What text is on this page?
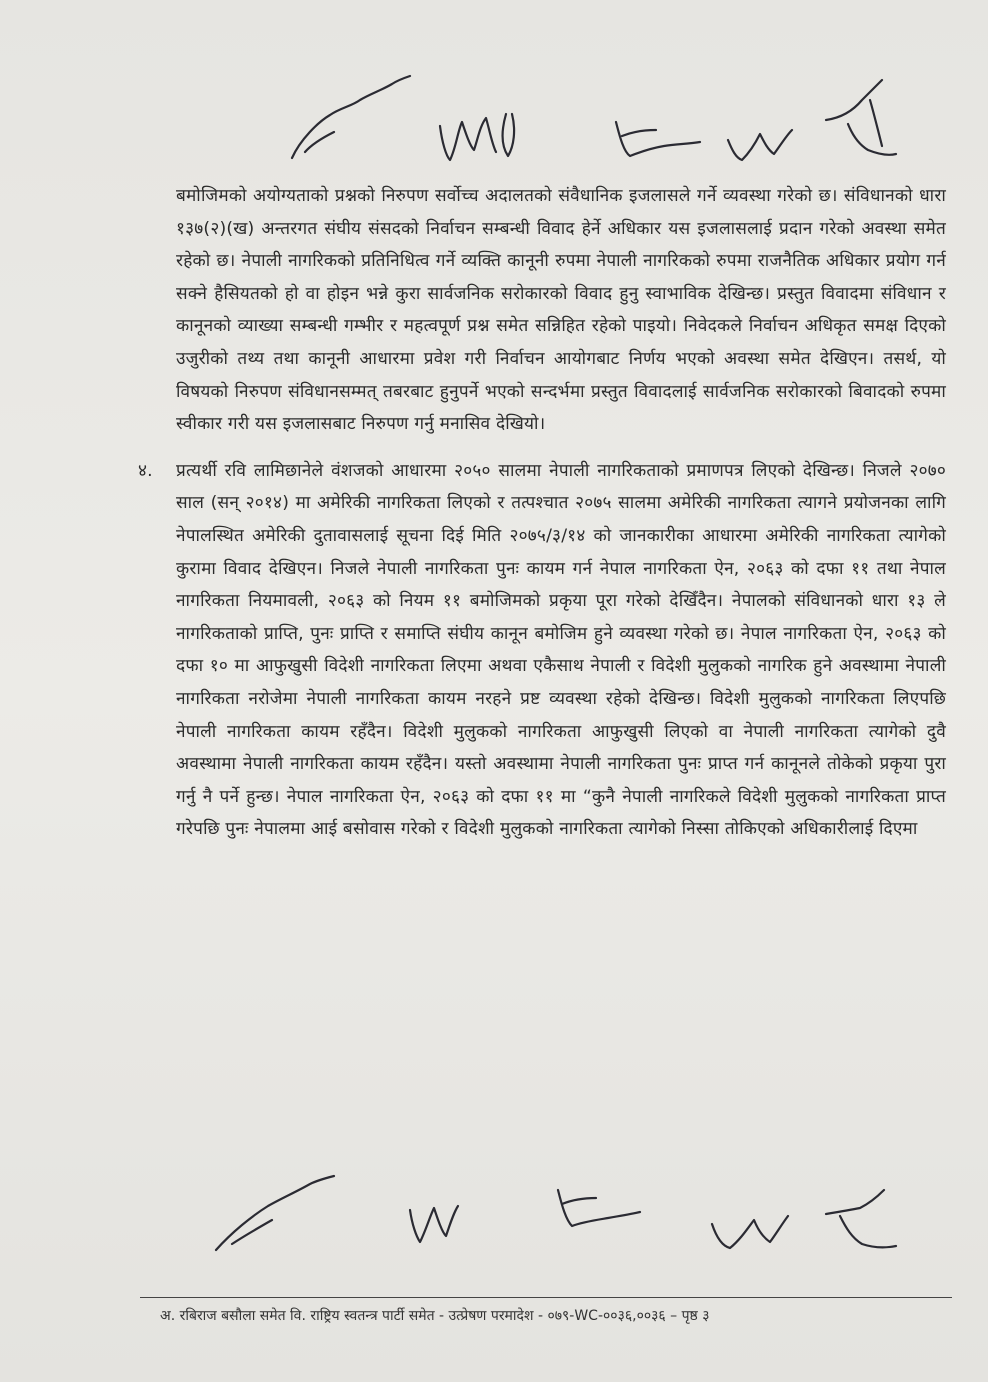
बमोजिमको अयोग्यताको प्रश्नको निरुपण सर्वोच्च अदालतको संवैधानिक इजलासले गर्ने व्यवस्था गरेको छ। संविधानको धारा १३७(२)(ख) अन्तरगत संघीय संसदको निर्वाचन सम्बन्धी विवाद हेर्ने अधिकार यस इजलासलाई प्रदान गरेको अवस्था समेत रहेको छ। नेपाली नागरिकको प्रतिनिधित्व गर्ने व्यक्ति कानूनी रुपमा नेपाली नागरिकको रुपमा राजनैतिक अधिकार प्रयोग गर्न सक्ने हैसियतको हो वा होइन भन्ने कुरा सार्वजनिक सरोकारको विवाद हुनु स्वाभाविक देखिन्छ। प्रस्तुत विवादमा संविधान र कानूनको व्याख्या सम्बन्धी गम्भीर र महत्वपूर्ण प्रश्न समेत सन्निहित रहेको पाइयो। निवेदकले निर्वाचन अधिकृत समक्ष दिएको उजुरीको तथ्य तथा कानूनी आधारमा प्रवेश गरी निर्वाचन आयोगबाट निर्णय भएको अवस्था समेत देखिएन। तसर्थ, यो विषयको निरुपण संविधानसम्मत् तबरबाट हुनुपर्ने भएको सन्दर्भमा प्रस्तुत विवादलाई सार्वजनिक सरोकारको बिवादको रुपमा स्वीकार गरी यस इजलासबाट निरुपण गर्नु मनासिव देखियो।

४. प्रत्यर्थी रवि लामिछानेले वंशजको आधारमा २०५० सालमा नेपाली नागरिकताको प्रमाणपत्र लिएको देखिन्छ। निजले २०७० साल (सन् २०१४) मा अमेरिकी नागरिकता लिएको र तत्पश्चात २०७५ सालमा अमेरिकी नागरिकता त्यागने प्रयोजनका लागि नेपालस्थित अमेरिकी दुतावासलाई सूचना दिई मिति २०७५/३/१४ को जानकारीका आधारमा अमेरिकी नागरिकता त्यागेको कुरामा विवाद देखिएन। निजले नेपाली नागरिकता पुनः कायम गर्न नेपाल नागरिकता ऐन, २०६३ को दफा ११ तथा नेपाल नागरिकता नियमावली, २०६३ को नियम ११ बमोजिमको प्रकृया पूरा गरेको देखिँदैन। नेपालको संविधानको धारा १३ ले नागरिकताको प्राप्ति, पुनः प्राप्ति र समाप्ति संघीय कानून बमोजिम हुने व्यवस्था गरेको छ। नेपाल नागरिकता ऐन, २०६३ को दफा १० मा आफुखुसी विदेशी नागरिकता लिएमा अथवा एकैसाथ नेपाली र विदेशी मुलुकको नागरिक हुने अवस्थामा नेपाली नागरिकता नरोजेमा नेपाली नागरिकता कायम नरहने प्रष्ट व्यवस्था रहेको देखिन्छ। विदेशी मुलुकको नागरिकता लिएपछि नेपाली नागरिकता कायम रहँदैन। विदेशी मुलुकको नागरिकता आफुखुसी लिएको वा नेपाली नागरिकता त्यागेको दुवै अवस्थामा नेपाली नागरिकता कायम रहँदैन। यस्तो अवस्थामा नेपाली नागरिकता पुनः प्राप्त गर्न कानूनले तोकेको प्रकृया पुरा गर्नु नै पर्ने हुन्छ। नेपाल नागरिकता ऐन, २०६३ को दफा ११ मा “कुनै नेपाली नागरिकले विदेशी मुलुकको नागरिकता प्राप्त गरेपछि पुनः नेपालमा आई बसोवास गरेको र विदेशी मुलुकको नागरिकता त्यागेको निस्सा तोकिएको अधिकारीलाई दिएमा

अ. रबिराज बसौला समेत वि. राष्ट्रिय स्वतन्त्र पार्टी समेत - उत्प्रेषण परमादेश - ०७९-WC-००३६,००३६ – पृष्ठ ३
